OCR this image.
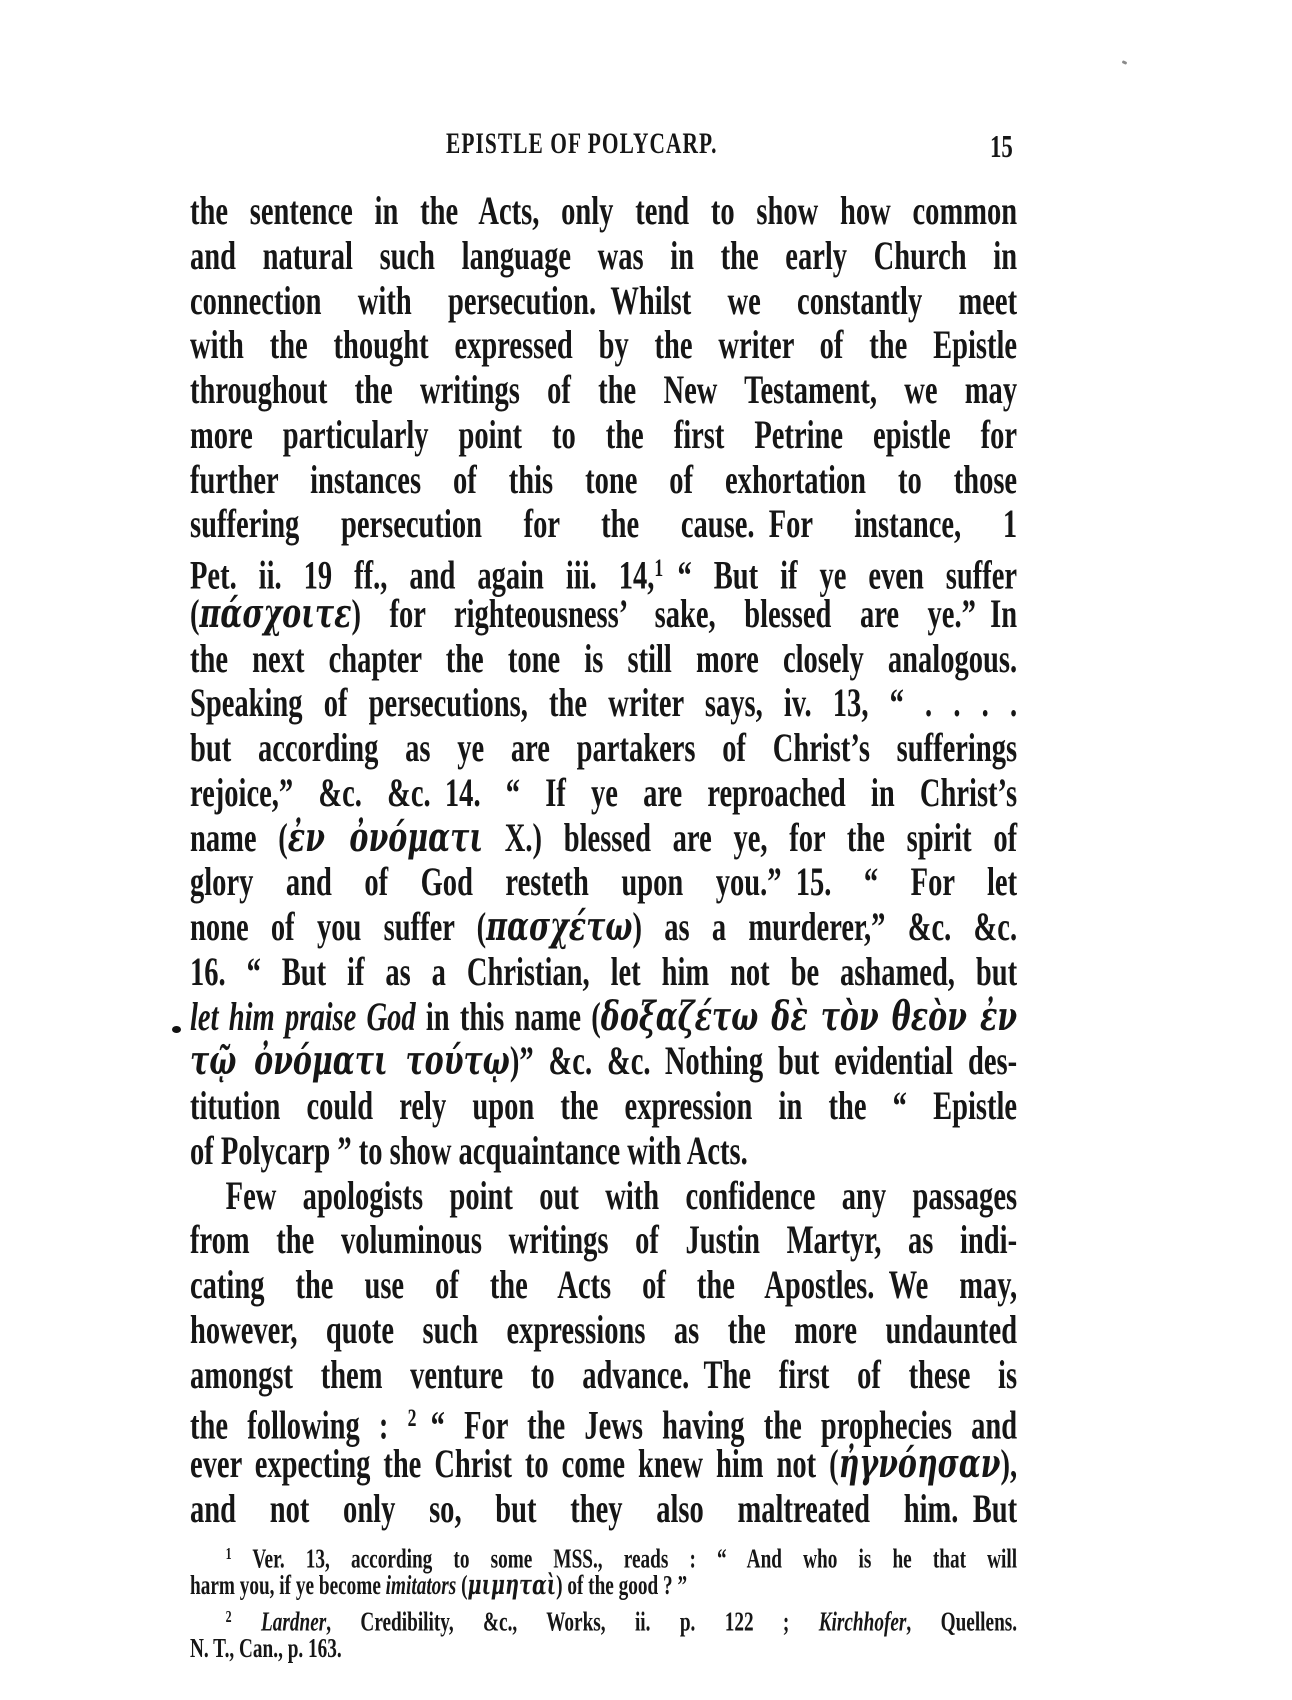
EPISTLE OF POLYCARP.	15
the sentence in the Acts, only tend to show how common
and natural such language was in the early Church in
connection with persecution. Whilst we constantly meet
with the thought expressed by the writer of the Epistle
throughout the writings of the New Testament, we may
more particularly point to the first Petrine epistle for
further instances of this tone of exhortation to those
suffering persecution for the cause. For instance, 1
Pet. ii. 19 ff., and again iii. 14,$^1$ “ But if ye even suffer
(πάσχοιτε) for righteousness’ sake, blessed are ye.” In
the next chapter the tone is still more closely analogous.
Speaking of persecutions, the writer says, iv. 13, “ . . . .
but according as ye are partakers of Christ’s sufferings
rejoice,” &c. &c. 14. “ If ye are reproached in Christ’s
name (ἐν ὀνόματι X.) blessed are ye, for the spirit of
glory and of God resteth upon you.” 15. “ For let
none of you suffer (πασχέτω) as a murderer,” &c. &c.
16. “ But if as a Christian, let him not be ashamed, but
let him praise God in this name (δοξαζέτω δὲ τὸν θεὸν ἐν
τῷ ὀνόματι τούτῳ)” &c. &c. Nothing but evidential des-
titution could rely upon the expression in the “ Epistle
of Polycarp ” to show acquaintance with Acts.
Few apologists point out with confidence any passages
from the voluminous writings of Justin Martyr, as indi-
cating the use of the Acts of the Apostles. We may,
however, quote such expressions as the more undaunted
amongst them venture to advance. The first of these is
the following : $^2$ “ For the Jews having the prophecies and
ever expecting the Christ to come knew him not (ἠγνόησαν),
and not only so, but they also maltreated him. But
$^1$ Ver. 13, according to some MSS., reads : “ And who is he that will
harm you, if ye become imitators (μιμηταὶ) of the good ? ”
$^2$ Lardner, Credibility, &c., Works, ii. p. 122 ; Kirchhofer, Quellens.
N. T., Can., p. 163.
